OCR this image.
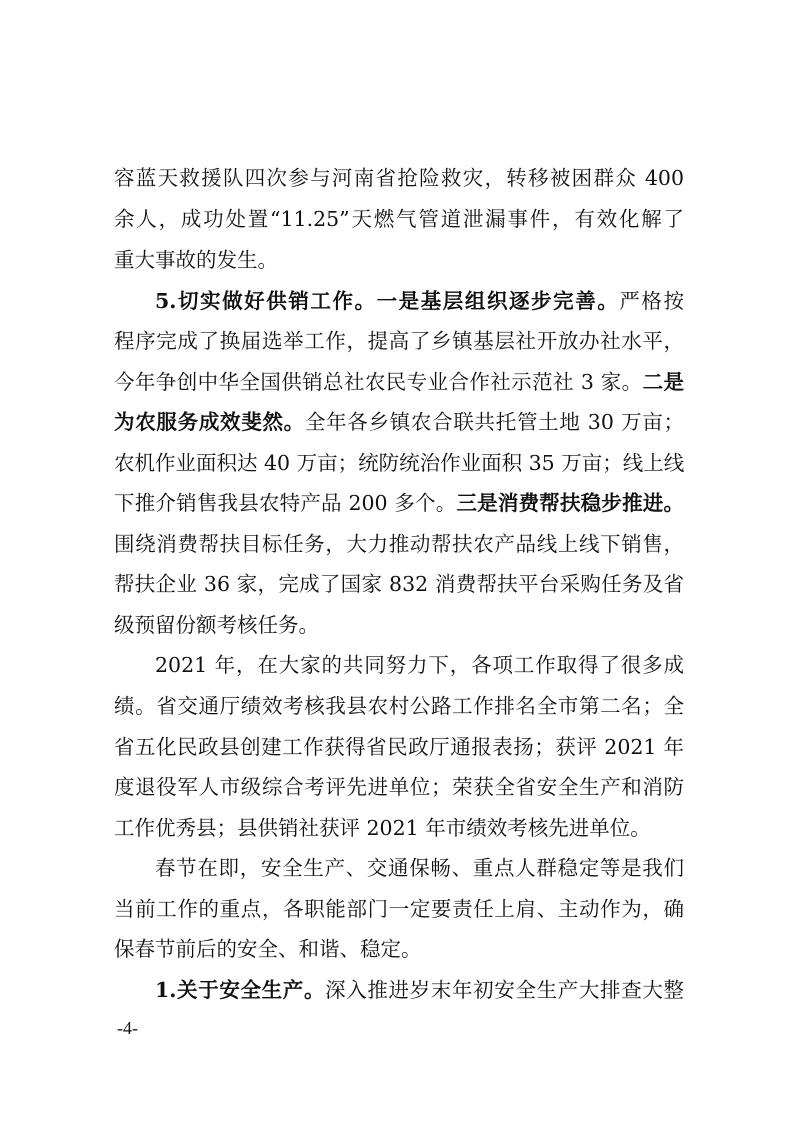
容蓝天救援队四次参与河南省抢险救灾，转移被困群众 400
余人，成功处置“11.25”天燃气管道泄漏事件，有效化解了
重大事故的发生。
5.切实做好供销工作。一是基层组织逐步完善。严格按
程序完成了换届选举工作，提高了乡镇基层社开放办社水平，
今年争创中华全国供销总社农民专业合作社示范社 3 家。二是
为农服务成效斐然。全年各乡镇农合联共托管土地 30 万亩；
农机作业面积达 40 万亩；统防统治作业面积 35 万亩；线上线
下推介销售我县农特产品 200 多个。三是消费帮扶稳步推进。
围绕消费帮扶目标任务，大力推动帮扶农产品线上线下销售，
帮扶企业 36 家，完成了国家 832 消费帮扶平台采购任务及省
级预留份额考核任务。
2021 年，在大家的共同努力下，各项工作取得了很多成
绩。省交通厅绩效考核我县农村公路工作排名全市第二名；全
省五化民政县创建工作获得省民政厅通报表扬；获评 2021 年
度退役军人市级综合考评先进单位；荣获全省安全生产和消防
工作优秀县；县供销社获评 2021 年市绩效考核先进单位。
春节在即，安全生产、交通保畅、重点人群稳定等是我们
当前工作的重点，各职能部门一定要责任上肩、主动作为，确
保春节前后的安全、和谐、稳定。
1.关于安全生产。深入推进岁末年初安全生产大排查大整
-4-
